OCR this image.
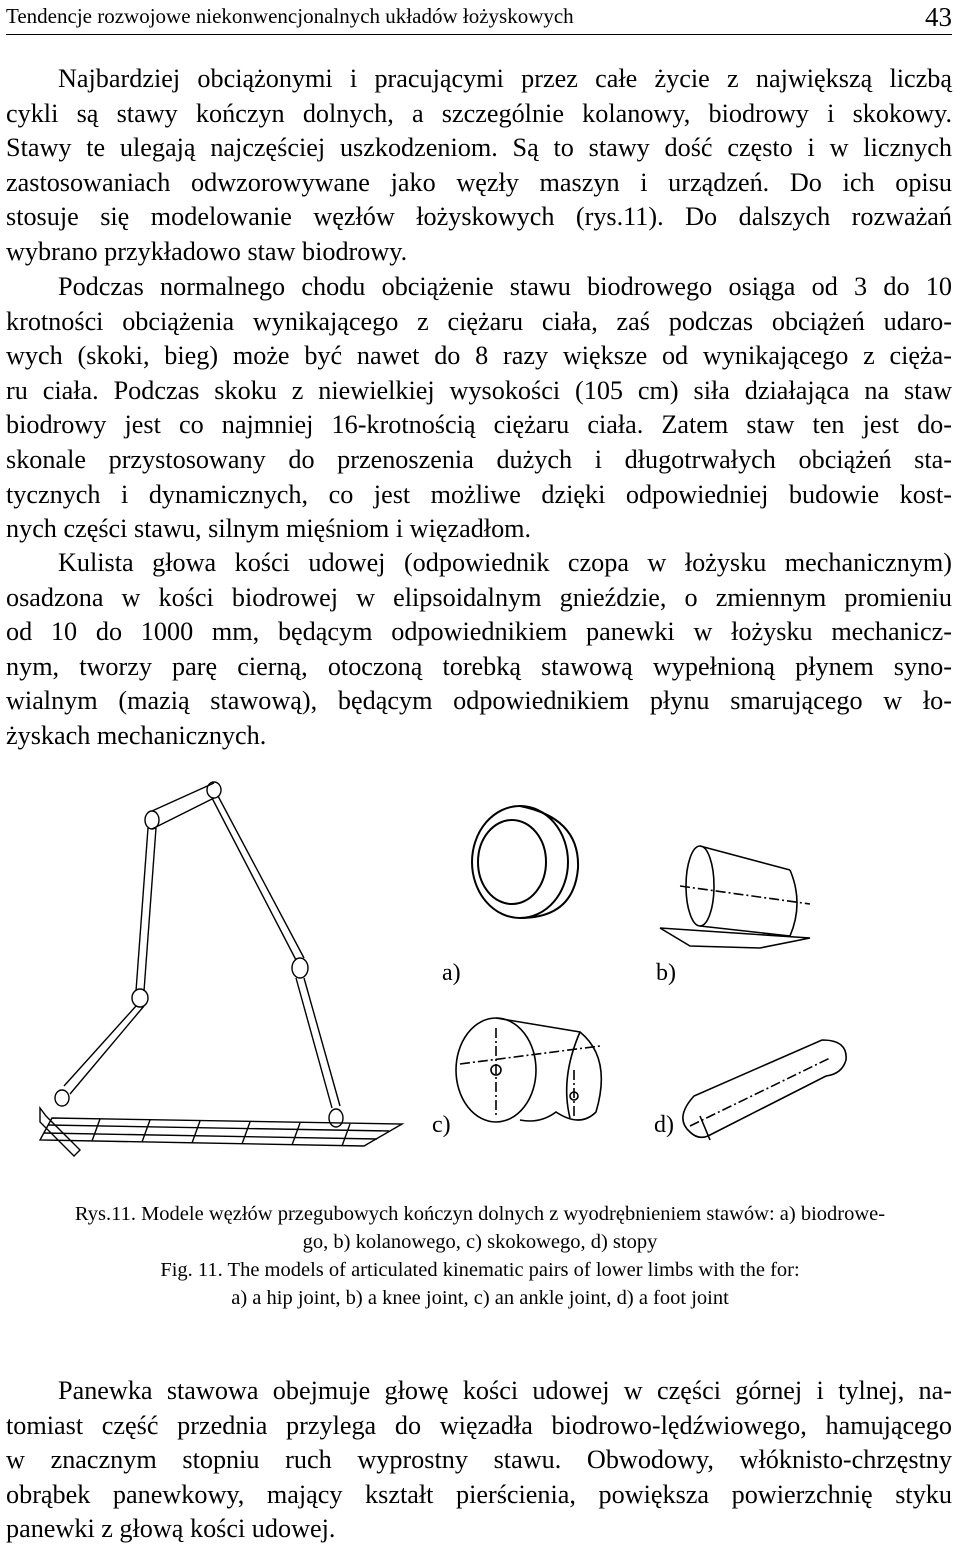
Tendencje rozwojowe niekonwencjonalnych układów łożyskowych	43
Najbardziej obciążonymi i pracującymi przez całe życie z największą liczbą
cykli są stawy kończyn dolnych, a szczególnie kolanowy, biodrowy i skokowy.
Stawy te ulegają najczęściej uszkodzeniom. Są to stawy dość często i w licznych
zastosowaniach odwzorowywane jako węzły maszyn i urządzeń. Do ich opisu
stosuje się modelowanie węzłów łożyskowych (rys.11). Do dalszych rozważań
wybrano przykładowo staw biodrowy.
Podczas normalnego chodu obciążenie stawu biodrowego osiąga od 3 do 10
krotności obciążenia wynikającego z ciężaru ciała, zaś podczas obciążeń udaro-
wych (skoki, bieg) może być nawet do 8 razy większe od wynikającego z cięża-
ru ciała. Podczas skoku z niewielkiej wysokości (105 cm) siła działająca na staw
biodrowy jest co najmniej 16-krotnością ciężaru ciała. Zatem staw ten jest do-
skonale przystosowany do przenoszenia dużych i długotrwałych obciążeń sta-
tycznych i dynamicznych, co jest możliwe dzięki odpowiedniej budowie kost-
nych części stawu, silnym mięśniom i więzadłom.
Kulista głowa kości udowej (odpowiednik czopa w łożysku mechanicznym)
osadzona w kości biodrowej w elipsoidalnym gnieździe, o zmiennym promieniu
od 10 do 1000 mm, będącym odpowiednikiem panewki w łożysku mechanicz-
nym, tworzy parę cierną, otoczoną torebką stawową wypełnioną płynem syno-
wialnym (mazią stawową), będącym odpowiednikiem płynu smarującego w ło-
żyskach mechanicznych.
a)	b)
c)	d)
Rys.11. Modele węzłów przegubowych kończyn dolnych z wyodrębnieniem stawów: a) biodrowe-
go, b) kolanowego, c) skokowego, d) stopy
Fig. 11. The models of articulated kinematic pairs of lower limbs with the for:
a) a hip joint, b) a knee joint, c) an ankle joint, d) a foot joint
Panewka stawowa obejmuje głowę kości udowej w części górnej i tylnej, na-
tomiast część przednia przylega do więzadła biodrowo-lędźwiowego, hamującego
w znacznym stopniu ruch wyprostny stawu. Obwodowy, włóknisto-chrzęstny
obrąbek panewkowy, mający kształt pierścienia, powiększa powierzchnię styku
panewki z głową kości udowej.
